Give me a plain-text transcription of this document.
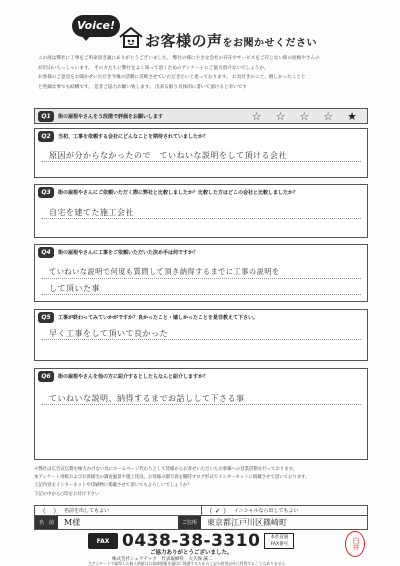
Voice!
お客様の声をお聞かせください

この度は弊社に工事をご用命頂き誠にありがとうございました。 弊社の様に小さな会社の存在やサービスをご存じない街の屋根やさんの

が沢山いらっしゃいます。 その方たちに弊社をよく知って頂くためのアンケートにご協力頂けないでしょうか。

お客様のご意見をお聞かせいただき今後の活動に反映させていただきたいと思っております。 お気付きのこと、嬉しかったことと

ど些細な事でも結構です。 是非ご協力お願い致します。 出来る限り具体的に書いて頂けると幸いです

Q1	街の屋根やさんを５段階で評価をお願いします	☆ ☆ ☆ ☆ ★
Q2	当初、工事を依頼する会社にどんなことを期待されていましたか？
原因が分からなかったので　ていねいな説明をして頂ける会社
Q3	街の屋根やさんにご依頼いただく際に弊社と比較しましたか？比較した方はどこの会社と比較しましたか？
自宅を建てた施工会社
Q4	街の屋根やさんに工事をご依頼いただいた決め手は何ですか？
ていねいな説明で何度も質問して頂き納得するまでに工事の説明を
して頂いた事
Q5	工事が終わってみていかがですか？良かったこと・嬉しかったことを是非教えて下さい。
早く工事をして頂いて良かった
Q6	街の屋根やさんを他の方に紹介するとしたらなんと紹介しますか？
ていねいな説明、納得するまでお話しして下さる事

＊弊社は広告宣伝費を極力かけない為にホームページ代わりとして皆様からお寄せいただいたお客様への営業活動を行っております。

本アンケート用紙およびお客様宅の調査風景や施工状況、お客様の顔写真を随時ブログ形式でインターネットに掲載させて頂いております。

上記内容をインターネットや印刷物に掲載させて頂いてもよろしいでしょうか？

下記の中から○印をお付け下さい

（　） 名前を出してもよい	（ ✓ ） イニシャルなら出してもよい
名　前	M様	ご住所	東京都江戸川区篠崎町
FAX 0438-38-3310	本社直通
FAX番号	白井
ご協力ありがとうございました。
株式会社シェアテック　代表取締役　大久保 誠二
当アンケートで取得した個人情報はお客様情報を適切に保護するための上記の使用以外に利用することはありません
